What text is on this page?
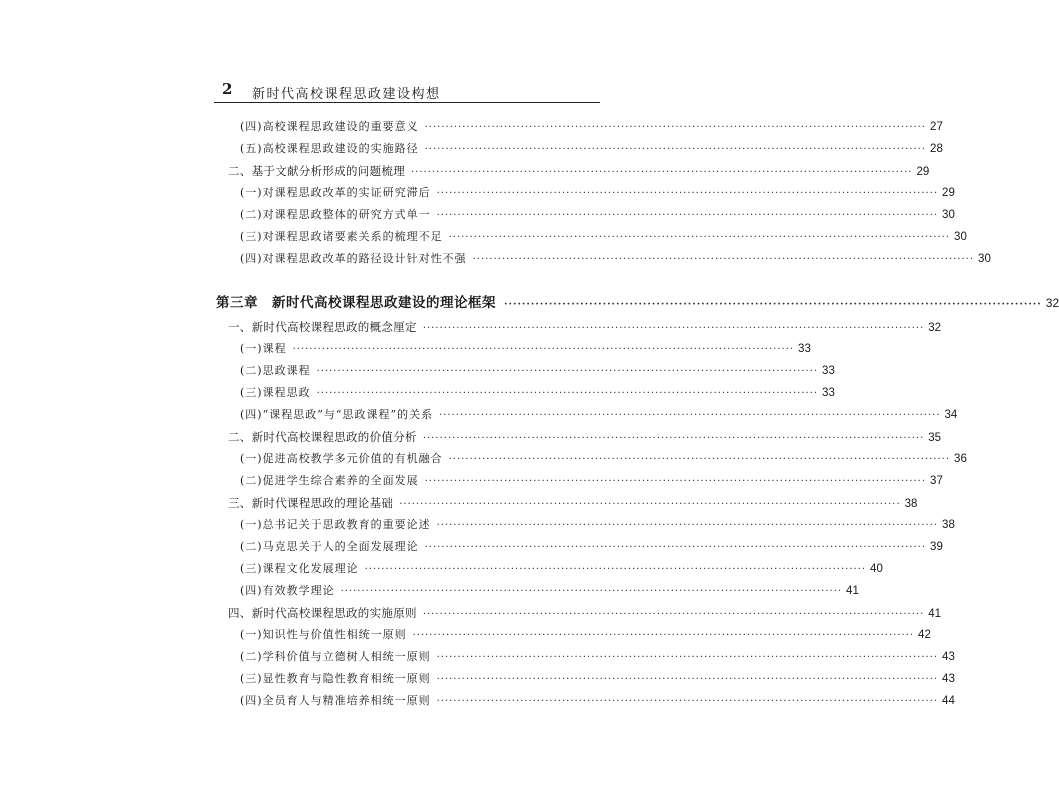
2 新时代高校课程思政建设构想
(四)高校课程思政建设的重要意义 ························································································································ 27
(五)高校课程思政建设的实施路径 ························································································································ 28
二、基于文献分析形成的问题梳理 ························································································································ 29
(一)对课程思政改革的实证研究滞后 ························································································································ 29
(二)对课程思政整体的研究方式单一 ························································································································ 30
(三)对课程思政诸要素关系的梳理不足 ························································································································ 30
(四)对课程思政改革的路径设计针对性不强 ························································································································ 30
第三章　新时代高校课程思政建设的理论框架 ························································································································ 32
一、新时代高校课程思政的概念厘定 ························································································································ 32
(一)课程 ························································································································ 33
(二)思政课程 ························································································································ 33
(三)课程思政 ························································································································ 33
(四)“课程思政”与“思政课程”的关系 ························································································································ 34
二、新时代高校课程思政的价值分析 ························································································································ 35
(一)促进高校教学多元价值的有机融合 ························································································································ 36
(二)促进学生综合素养的全面发展 ························································································································ 37
三、新时代课程思政的理论基础 ························································································································ 38
(一)总书记关于思政教育的重要论述 ························································································································ 38
(二)马克思关于人的全面发展理论 ························································································································ 39
(三)课程文化发展理论 ························································································································ 40
(四)有效教学理论 ························································································································ 41
四、新时代高校课程思政的实施原则 ························································································································ 41
(一)知识性与价值性相统一原则 ························································································································ 42
(二)学科价值与立德树人相统一原则 ························································································································ 43
(三)显性教育与隐性教育相统一原则 ························································································································ 43
(四)全员育人与精准培养相统一原则 ························································································································ 44
